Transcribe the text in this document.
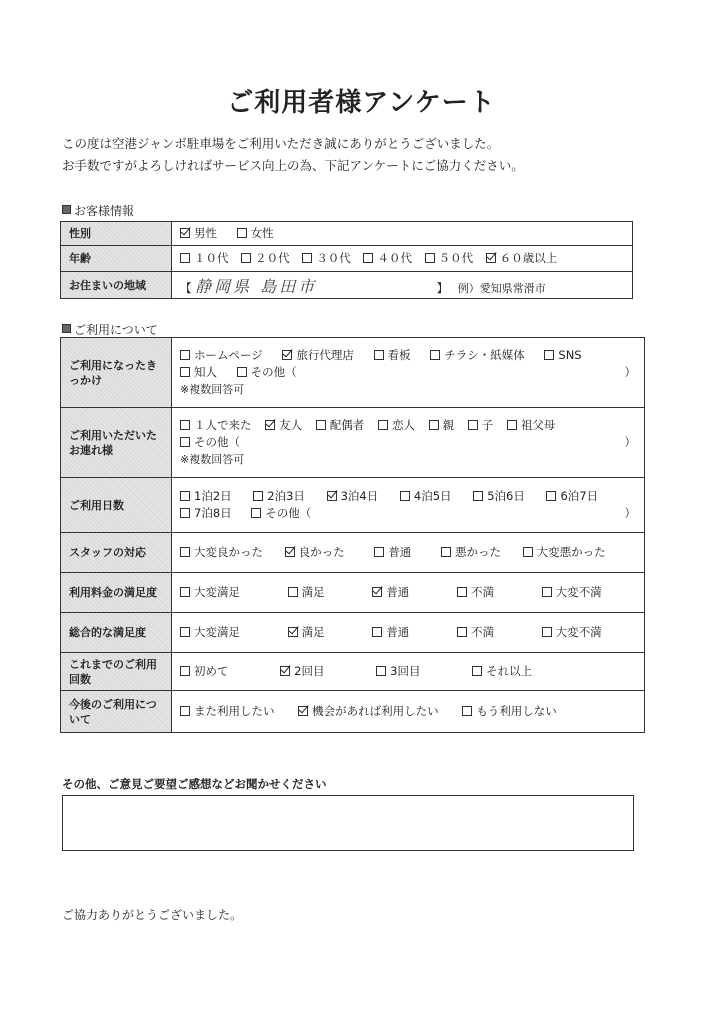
ご利用者様アンケート
この度は空港ジャンボ駐車場をご利用いただき誠にありがとうございました。
お手数ですがよろしければサービス向上の為、下記アンケートにご協力ください。
お客様情報
性別	男性 女性
年齢	１０代 ２０代 ３０代 ４０代 ５０代 ６０歳以上
お住まいの地域	【 静岡県 島田市 】 例）愛知県常滑市
ご利用について
ご利用になったきっかけ	ホームページ 旅行代理店 看板 チラシ・紙媒体 SNS
知人 その他（ ）

※複数回答可

ご利用いただいたお連れ様	１人で来た 友人 配偶者 恋人 親 子 祖父母
その他（ ）

※複数回答可

ご利用日数	1泊2日 2泊3日 3泊4日 4泊5日 5泊6日 6泊7日
7泊8日 その他（ ）

スタッフの対応	大変良かった 良かった 普通 悪かった 大変悪かった
利用料金の満足度	大変満足 満足 普通 不満 大変不満
総合的な満足度	大変満足 満足 普通 不満 大変不満
これまでのご利用回数	初めて 2回目 3回目 それ以上
今後のご利用について	また利用したい 機会があれば利用したい もう利用しない
その他、ご意見ご要望ご感想などお聞かせください
ご協力ありがとうございました。
